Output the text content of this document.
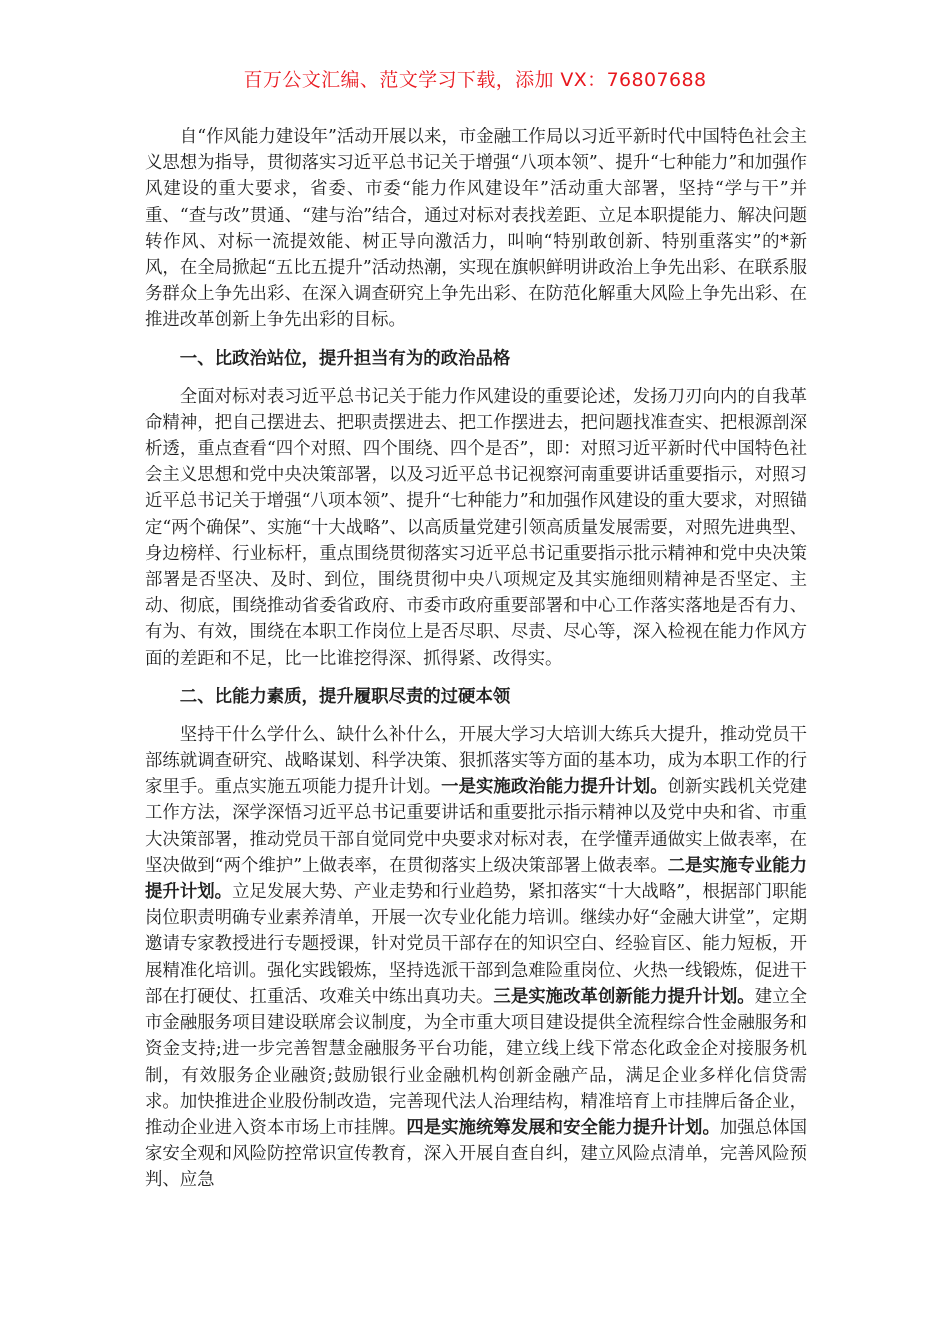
百万公文汇编、范文学习下载，添加 VX：76807688

自“作风能力建设年”活动开展以来，市金融工作局以习近平新时代中国特色社会主义思想为指导，贯彻落实习近平总书记关于增强“八项本领”、提升“七种能力”和加强作风建设的重大要求，省委、市委“能力作风建设年”活动重大部署，坚持“学与干”并重、“查与改”贯通、“建与治”结合，通过对标对表找差距、立足本职提能力、解决问题转作风、对标一流提效能、树正导向激活力，叫响“特别敢创新、特别重落实”的*新风，在全局掀起“五比五提升”活动热潮，实现在旗帜鲜明讲政治上争先出彩、在联系服务群众上争先出彩、在深入调查研究上争先出彩、在防范化解重大风险上争先出彩、在推进改革创新上争先出彩的目标。

一、比政治站位，提升担当有为的政治品格

全面对标对表习近平总书记关于能力作风建设的重要论述，发扬刀刃向内的自我革命精神，把自己摆进去、把职责摆进去、把工作摆进去，把问题找准查实、把根源剖深析透，重点查看“四个对照、四个围绕、四个是否”，即：对照习近平新时代中国特色社会主义思想和党中央决策部署，以及习近平总书记视察河南重要讲话重要指示，对照习近平总书记关于增强“八项本领”、提升“七种能力”和加强作风建设的重大要求，对照锚定“两个确保”、实施“十大战略”、以高质量党建引领高质量发展需要，对照先进典型、身边榜样、行业标杆，重点围绕贯彻落实习近平总书记重要指示批示精神和党中央决策部署是否坚决、及时、到位，围绕贯彻中央八项规定及其实施细则精神是否坚定、主动、彻底，围绕推动省委省政府、市委市政府重要部署和中心工作落实落地是否有力、有为、有效，围绕在本职工作岗位上是否尽职、尽责、尽心等，深入检视在能力作风方面的差距和不足，比一比谁挖得深、抓得紧、改得实。

二、比能力素质，提升履职尽责的过硬本领

坚持干什么学什么、缺什么补什么，开展大学习大培训大练兵大提升，推动党员干部练就调查研究、战略谋划、科学决策、狠抓落实等方面的基本功，成为本职工作的行家里手。重点实施五项能力提升计划。一是实施政治能力提升计划。创新实践机关党建工作方法，深学深悟习近平总书记重要讲话和重要批示指示精神以及党中央和省、市重大决策部署，推动党员干部自觉同党中央要求对标对表，在学懂弄通做实上做表率，在坚决做到“两个维护”上做表率，在贯彻落实上级决策部署上做表率。二是实施专业能力提升计划。立足发展大势、产业走势和行业趋势，紧扣落实“十大战略”，根据部门职能岗位职责明确专业素养清单，开展一次专业化能力培训。继续办好“金融大讲堂”，定期邀请专家教授进行专题授课，针对党员干部存在的知识空白、经验盲区、能力短板，开展精准化培训。强化实践锻炼，坚持选派干部到急难险重岗位、火热一线锻炼，促进干部在打硬仗、扛重活、攻难关中练出真功夫。三是实施改革创新能力提升计划。建立全市金融服务项目建设联席会议制度，为全市重大项目建设提供全流程综合性金融服务和资金支持;进一步完善智慧金融服务平台功能，建立线上线下常态化政金企对接服务机制，有效服务企业融资;鼓励银行业金融机构创新金融产品，满足企业多样化信贷需求。加快推进企业股份制改造，完善现代法人治理结构，精准培育上市挂牌后备企业，推动企业进入资本市场上市挂牌。四是实施统筹发展和安全能力提升计划。加强总体国家安全观和风险防控常识宣传教育，深入开展自查自纠，建立风险点清单，完善风险预判、应急
